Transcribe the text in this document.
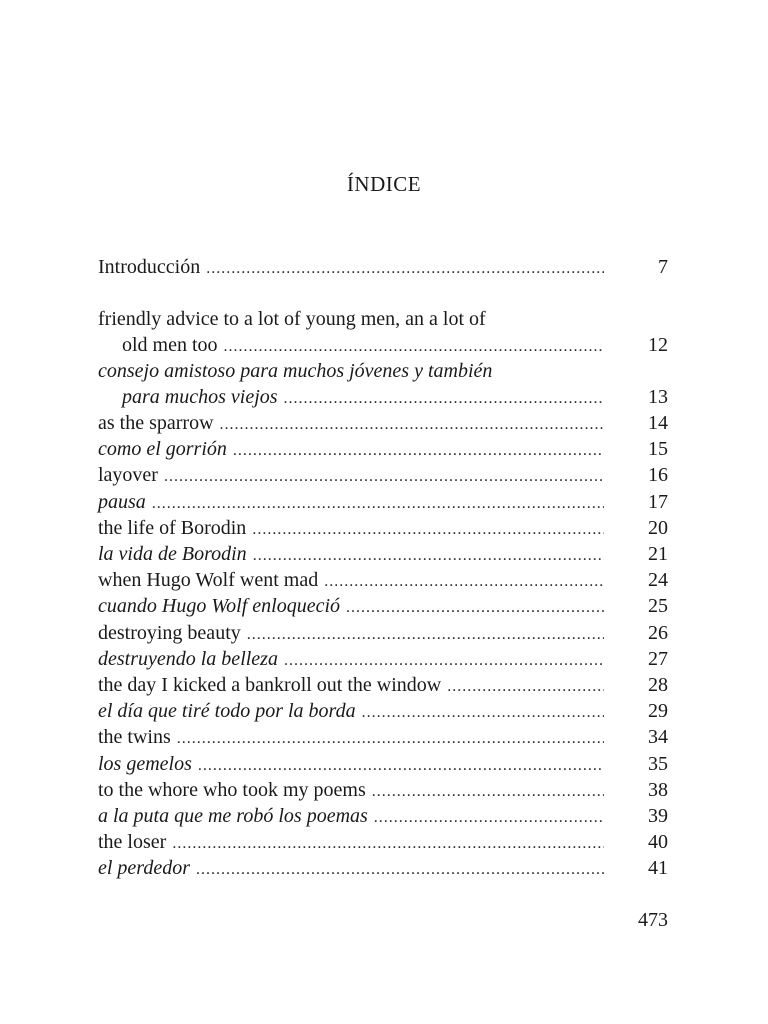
ÍNDICE
Introducción .....	7
friendly advice to a lot of young men, an a lot of
old men too .....	12
consejo amistoso para muchos jóvenes y también
para muchos viejos .....	13
as the sparrow .....	14
como el gorrión .....	15
layover .....	16
pausa .....	17
the life of Borodin .....	20
la vida de Borodin .....	21
when Hugo Wolf went mad .....	24
cuando Hugo Wolf enloqueció .....	25
destroying beauty .....	26
destruyendo la belleza .....	27
the day I kicked a bankroll out the window .....	28
el día que tiré todo por la borda .....	29
the twins .....	34
los gemelos .....	35
to the whore who took my poems .....	38
a la puta que me robó los poemas .....	39
the loser .....	40
el perdedor .....	41
473
